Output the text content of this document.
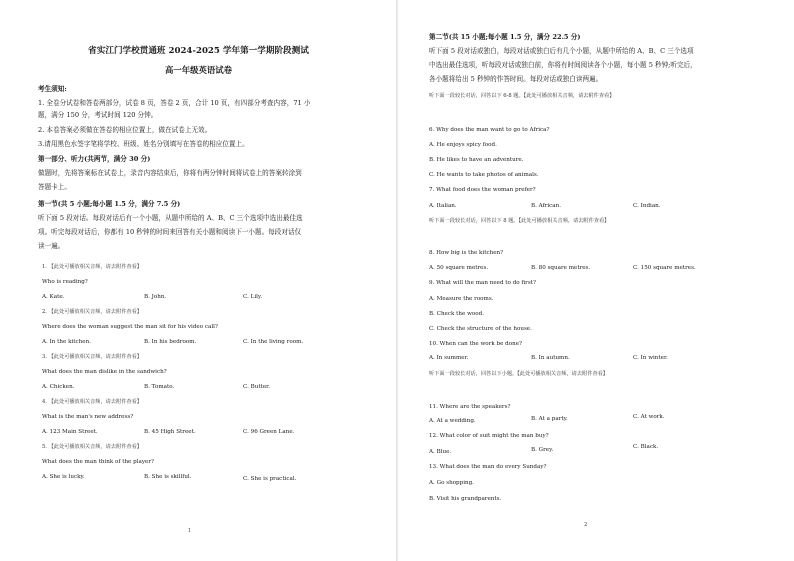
省实江门学校贯通班 2024-2025 学年第一学期阶段测试
高一年级英语试卷
考生须知:
1. 全卷分试卷和答卷两部分，试卷 8 页，答卷 2 页，合计 10 页，有四部分考查内容，71 小
题，满分 150 分，考试时间 120 分钟。
2. 本卷答案必须做在答卷的相应位置上，做在试卷上无效。
3.请用黑色水签字笔将学校、班级、姓名分别填写在答卷的相应位置上。
第一部分、听力(共两节，满分 30 分)
做题时，先将答案标在试卷上，录音内容结束后，你将有两分钟时间将试卷上的答案转涂到
答题卡上。
第一节(共 5 小题;每小题 1.5 分，满分 7.5 分)
听下面 5 段对话。每段对话后有一个小题，从题中所给的 A、B、C 三个选项中选出最佳选
项。听完每段对话后，你都有 10 秒钟的时间来回答有关小题和阅读下一小题。每段对话仅
读一遍。
1. 【此处可播放相关音频，请去附件查看】
Who is reading?
A. Kate.	B. John.	C. Lily.
2. 【此处可播放相关音频，请去附件查看】
Where does the woman suggest the man sit for his video call?
A. In the kitchen.	B. In his bedroom.	C. In the living room.
3. 【此处可播放相关音频，请去附件查看】
What does the man dislike in the sandwich?
A. Chicken.	B. Tomato.	C. Butter.
4. 【此处可播放相关音频，请去附件查看】
What is the man's new address?
A. 123 Main Street.	B. 45 High Street.	C. 96 Green Lane.
5. 【此处可播放相关音频，请去附件查看】
What does the man think of the player?
A. She is lucky.	B. She is skillful.	C. She is practical.
1
第二节(共 15 小题;每小题 1.5 分，满分 22.5 分)
听下面 5 段对话或独白，每段对话或独白后有几个小题，从题中所给的 A、B、C 三个选项
中选出最佳选项，听每段对话或独白前，你将有时间阅读各个小题，每小题 5 秒钟;听完后，
各小题将给出 5 秒钟的作答时间。每段对话或独白读两遍。
听下面一段较长对话，回答以下 6-8 题。【此处可播放相关音频，请去附件查看】
6. Why does the man want to go to Africa?
A. He enjoys spicy food.
B. He likes to have an adventure.
C. He wants to take photos of animals.
7. What food does the woman prefer?
A. Italian.	B. African.	C. Indian.
听下面一段较长对话，回答以下 8 题。【此处可播放相关音频，请去附件查看】
8. How big is the kitchen?
A. 50 square metres.	B. 80 square metres.	C. 150 square metres.
9. What will the man need to do first?
A. Measure the rooms.
B. Check the wood.
C. Check the structure of the house.
10. When can the work be done?
A. In summer.	B. In autumn.	C. In winter.
听下面一段较长对话，回答以下小题。【此处可播放相关音频，请去附件查看】
11. Where are the speakers?
A. At a wedding.	B. At a party.	C. At work.
12. What color of suit might the man buy?
A. Blue.	B. Grey.	C. Black.
13. What does the man do every Sunday?
A. Go shopping.
B. Visit his grandparents.
2
